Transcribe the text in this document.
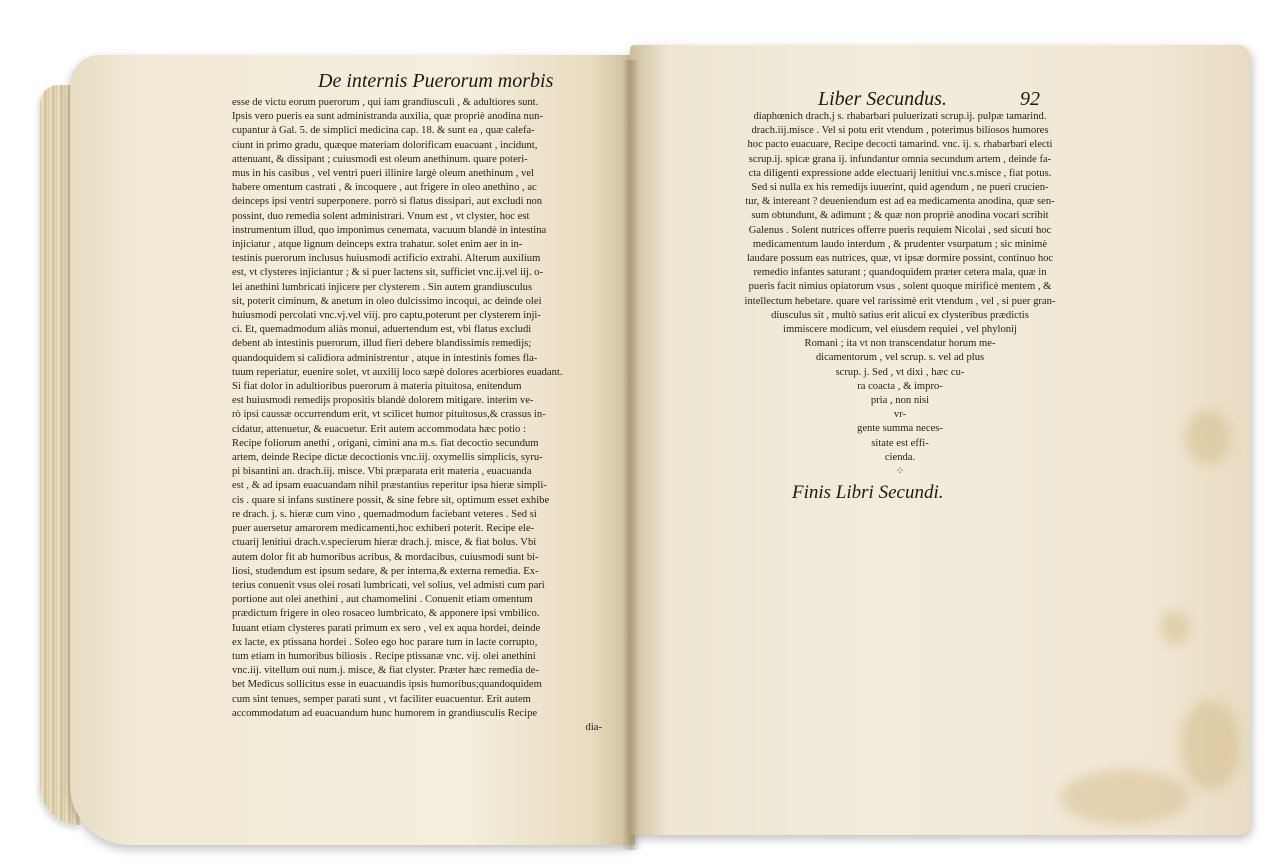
De internis Puerorum morbis
esse de victu eorum puerorum , qui iam grandiusculi , & adultiores sunt.
Ipsis vero pueris ea sunt administranda auxilia, quæ propriè anodina nun-
cupantur à Gal. 5. de simplici medicina cap. 18. & sunt ea , quæ calefa-
ciunt in primo gradu, quæque materiam dolorificam euacuant , incidunt,
attenuant, & dissipant ; cuiusmodi est oleum anethinum. quare poteri-
mus in his casibus , vel ventri pueri illinire largè oleum anethinum , vel
habere omentum castrati , & incoquere , aut frigere in oleo anethino , ac
deinceps ipsi ventri superponere. porrò si flatus dissipari, aut excludi non
possint, duo remedia solent administrari. Vnum est , vt clyster, hoc est
instrumentum illud, quo imponimus cenemata, vacuum blandè in intestina
injiciatur , atque lignum deinceps extra trahatur. solet enim aer in in-
testinis puerorum inclusus huiusmodi actificio extrahi. Alterum auxilium
est, vt clysteres injiciantur ; & si puer lactens sit, sufficiet vnc.ij.vel iij. o-
lei anethini lumbricati injicere per clysterem . Sin autem grandiusculus
sit, poterit ciminum, & anetum in oleo dulcissimo incoqui, ac deinde olei
huiusmodi percolati vnc.vj.vel viij. pro captu,poterunt per clysterem inji-
ci. Et, quemadmodum aliàs monui, aduertendum est, vbi flatus excludi
debent ab intestinis puerorum, illud fieri debere blandissimis remedijs;
quandoquidem si calidiora administrentur , atque in intestinis fomes fla-
tuum reperiatur, euenire solet, vt auxilij loco sæpè dolores acerbiores euadant.
Si fiat dolor in adultioribus puerorum à materia pituitosa, enitendum
est huiusmodi remedijs propositis blandè dolorem mitigare. interim ve-
rò ipsi caussæ occurrendum erit, vt scilicet humor pituitosus,& crassus in-
cidatur, attenuetur, & euacuetur. Erit autem accommodata hæc potio :
Recipe foliorum anethi , origani, cimini ana m.s. fiat decoctio secundum
artem, deinde Recipe dictæ decoctionis vnc.iij. oxymellis simplicis, syru-
pi bisantini an. drach.iij. misce. Vbi præparata erit materia , euacuanda
est , & ad ipsam euacuandam nihil præstantius reperitur ipsa hieræ simpli-
cis . quare si infans sustinere possit, & sine febre sit, optimum esset exhibe
re drach. j. s. hieræ cum vino , quemadmodum faciebant veteres . Sed si
puer auersetur amarorem medicamenti,hoc exhiberi poterit. Recipe ele-
ctuarij lenitiui drach.v.specierum hieræ drach.j. misce, & fiat bolus. Vbi
autem dolor fit ab humoribus acribus, & mordacibus, cuiusmodi sunt bi-
liosi, studendum est ipsum sedare, & per interna,& externa remedia. Ex-
terius conuenit vsus olei rosati lumbricati, vel solius, vel admisti cum pari
portione aut olei anethini , aut chamomelini . Conuenit etiam omentum
prædictum frigere in oleo rosaceo lumbricato, & apponere ipsi vmbilico.
Iuuant etiam clysteres parati primum ex sero , vel ex aqua hordei, deinde
ex lacte, ex ptissana hordei . Soleo ego hoc parare tum in lacte corrupto,
tum etiam in humoribus biliosis . Recipe ptissanæ vnc. vij. olei anethini
vnc.iij. vitellum oui num.j. misce, & fiat clyster. Præter hæc remedia de-
bet Medicus sollicitus esse in euacuandis ipsis humoribus;quandoquidem
cum sint tenues, semper parati sunt , vt faciliter euacuentur. Erit autem
accommodatum ad euacuandum hunc humorem in grandiusculis Recipe
dia-
Liber Secundus.	92
diaphœnich drach.j s. rhabarbari puluerizati scrup.ij. pulpæ tamarind.
drach.iij.misce . Vel si potu erit vtendum , poterimus biliosos humores
hoc pacto euacuare, Recipe decocti tamarind. vnc. ij. s. rhabarbari electi
scrup.ij. spicæ grana ij. infundantur omnia secundum artem , deinde fa-
cta diligenti expressione adde electuarij lenitiui vnc.s.misce , fiat potus.
Sed si nulla ex his remedijs iuuerint, quid agendum , ne pueri crucien-
tur, & intereant ? deueniendum est ad ea medicamenta anodina, quæ sen-
sum obtundunt, & adimunt ; & quæ non propriè anodina vocari scribit
Galenus . Solent nutrices offerre pueris requiem Nicolai , sed sicuti hoc
medicamentum laudo interdum , & prudenter vsurpatum ; sic minimè
laudare possum eas nutrices, quæ, vt ipsæ dormire possint, continuo hoc
remedio infantes saturant ; quandoquidem præter cetera mala, quæ in
pueris facit nimius opiatorum vsus , solent quoque mirificè mentem , &
intellectum hebetare. quare vel rarissimè erit vtendum , vel , si puer gran-
diusculus sit , multò satius erit alicui ex clysteribus prædictis
immiscere modicum, vel eiusdem requiei , vel phylonij
Romani ; ita vt non transcendatur horum me-
dicamentorum , vel scrup. s. vel ad plus
scrup. j. Sed , vt dixi , hæc cu-
ra coacta , & impro-
pria , non nisi
vr-
gente summa neces-
sitate est effi-
cienda.
⁘
Finis Libri Secundi.
